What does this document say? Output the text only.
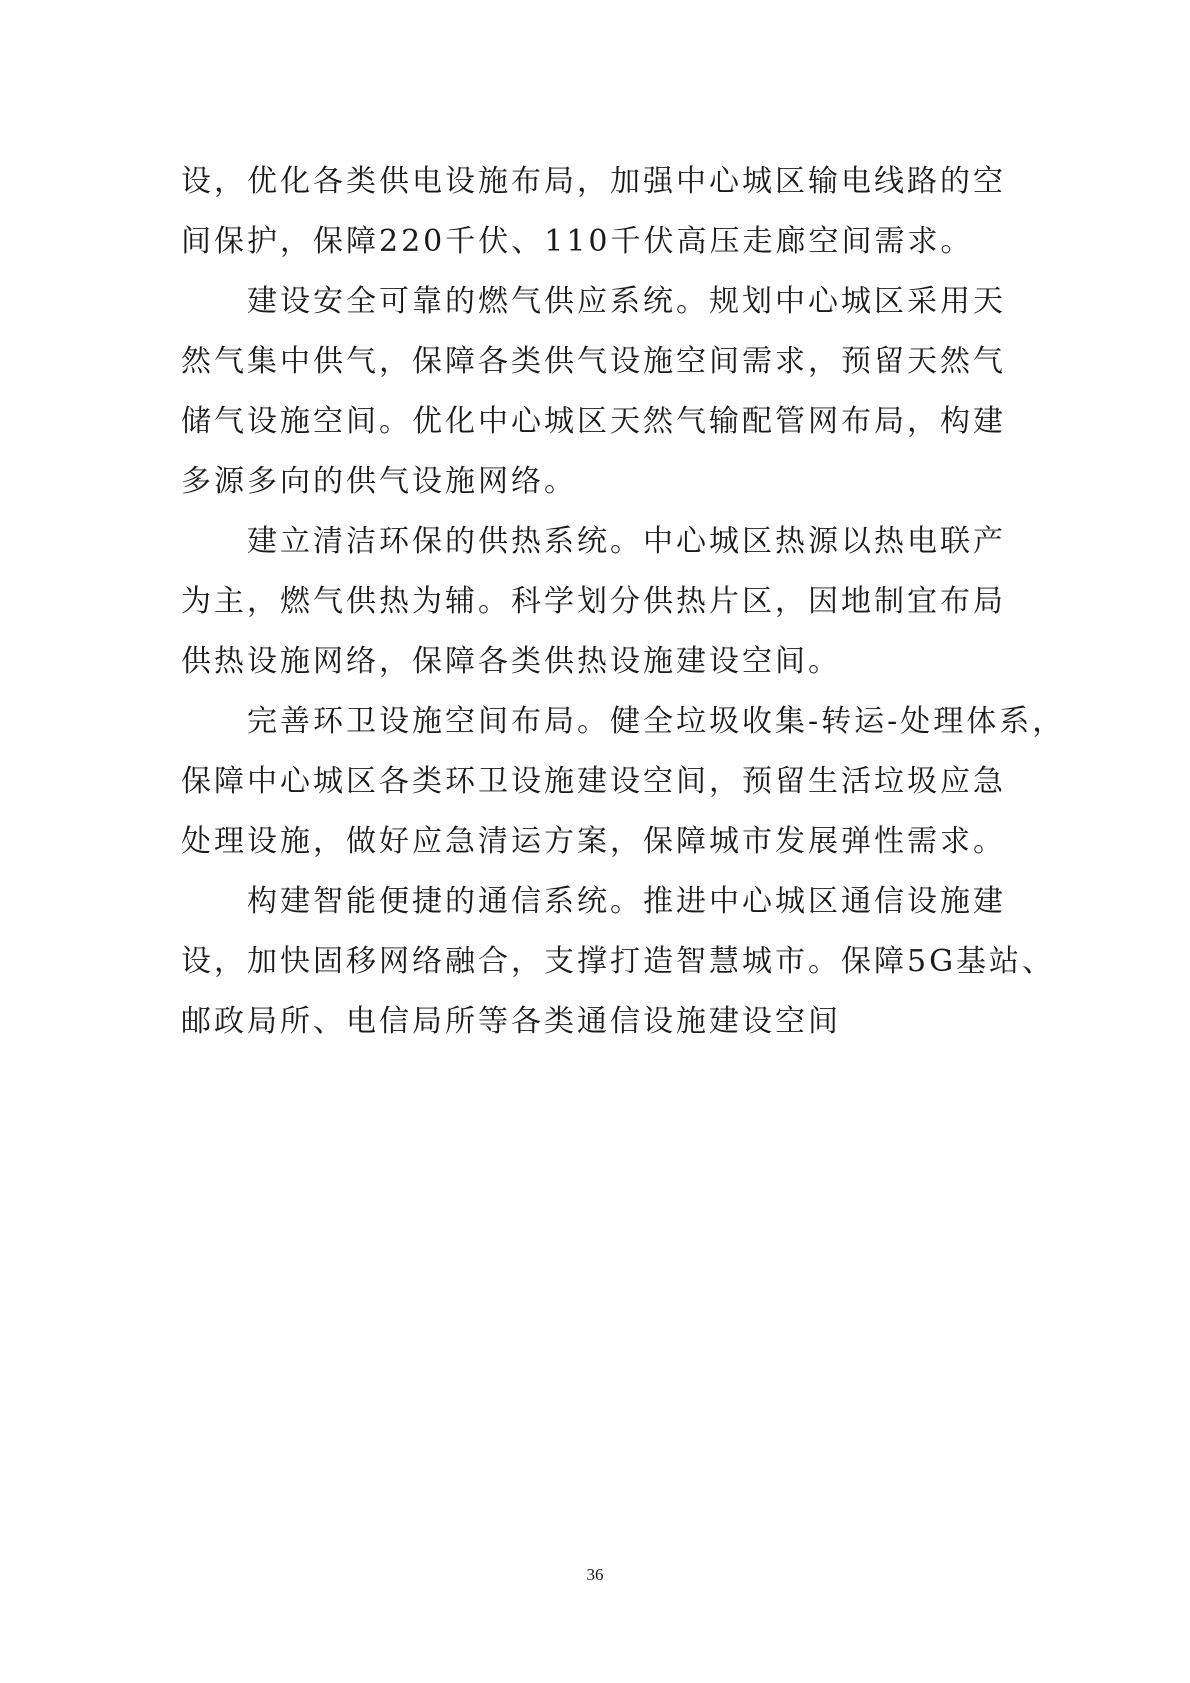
设，优化各类供电设施布局，加强中心城区输电线路的空
间保护，保障220千伏、110千伏高压走廊空间需求。
建设安全可靠的燃气供应系统。规划中心城区采用天
然气集中供气，保障各类供气设施空间需求，预留天然气
储气设施空间。优化中心城区天然气输配管网布局，构建
多源多向的供气设施网络。
建立清洁环保的供热系统。中心城区热源以热电联产
为主，燃气供热为辅。科学划分供热片区，因地制宜布局
供热设施网络，保障各类供热设施建设空间。
完善环卫设施空间布局。健全垃圾收集-转运-处理体系，
保障中心城区各类环卫设施建设空间，预留生活垃圾应急
处理设施，做好应急清运方案，保障城市发展弹性需求。
构建智能便捷的通信系统。推进中心城区通信设施建
设，加快固移网络融合，支撑打造智慧城市。保障5G基站、
邮政局所、电信局所等各类通信设施建设空间
36
